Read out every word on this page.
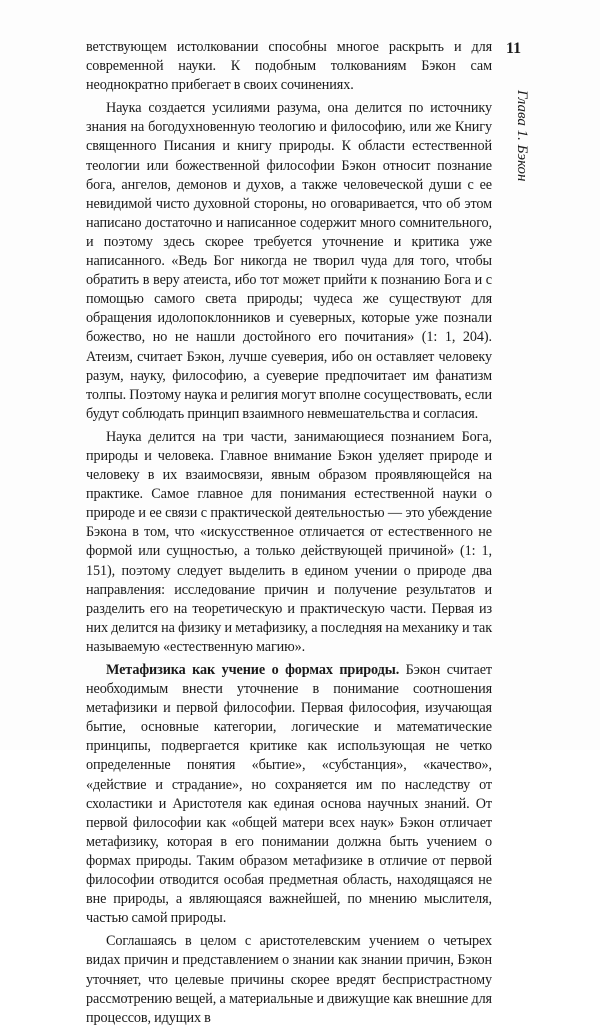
11
Глава 1. Бэкон

ветствующем истолковании способны многое раскрыть и для современной науки. К подобным толкованиям Бэкон сам неоднократно прибегает в своих сочинениях.

Наука создается усилиями разума, она делится по источнику знания на богодухновенную теологию и философию, или же Книгу священного Писания и книгу природы. К области естественной теологии или божественной философии Бэкон относит познание бога, ангелов, демонов и духов, а также человеческой души с ее невидимой чисто духовной стороны, но оговаривается, что об этом написано достаточно и написанное содержит много сомнительного, и поэтому здесь скорее требуется уточнение и критика уже написанного. «Ведь Бог никогда не творил чуда для того, чтобы обратить в веру атеиста, ибо тот может прийти к познанию Бога и с помощью самого света природы; чудеса же существуют для обращения идолопоклонников и суеверных, которые уже познали божество, но не нашли достойного его почитания» (1: 1, 204). Атеизм, считает Бэкон, лучше суеверия, ибо он оставляет человеку разум, науку, философию, а суеверие предпочитает им фанатизм толпы. Поэтому наука и религия могут вполне сосуществовать, если будут соблюдать принцип взаимного невмешательства и согласия.

Наука делится на три части, занимающиеся познанием Бога, природы и человека. Главное внимание Бэкон уделяет природе и человеку в их взаимосвязи, явным образом проявляющейся на практике. Самое главное для понимания естественной науки о природе и ее связи с практической деятельностью — это убеждение Бэкона в том, что «искусственное отличается от естественного не формой или сущностью, а только действующей причиной» (1: 1, 151), поэтому следует выделить в едином учении о природе два направления: исследование причин и получение результатов и разделить его на теоретическую и практическую части. Первая из них делится на физику и метафизику, а последняя на механику и так называемую «естественную магию».

Метафизика как учение о формах природы. Бэкон считает необходимым внести уточнение в понимание соотношения метафизики и первой философии. Первая философия, изучающая бытие, основные категории, логические и математические принципы, подвергается критике как использующая не четко определенные понятия «бытие», «субстанция», «качество», «действие и страдание», но сохраняется им по наследству от схоластики и Аристотеля как единая основа научных знаний. От первой философии как «общей матери всех наук» Бэкон отличает метафизику, которая в его понимании должна быть учением о формах природы. Таким образом метафизике в отличие от первой философии отводится особая предметная область, находящаяся не вне природы, а являющаяся важнейшей, по мнению мыслителя, частью самой природы.

Соглашаясь в целом с аристотелевским учением о четырех видах причин и представлением о знании как знании причин, Бэкон уточняет, что целевые причины скорее вредят беспристрастному рассмотрению вещей, а материальные и движущие как внешние для процессов, идущих в
